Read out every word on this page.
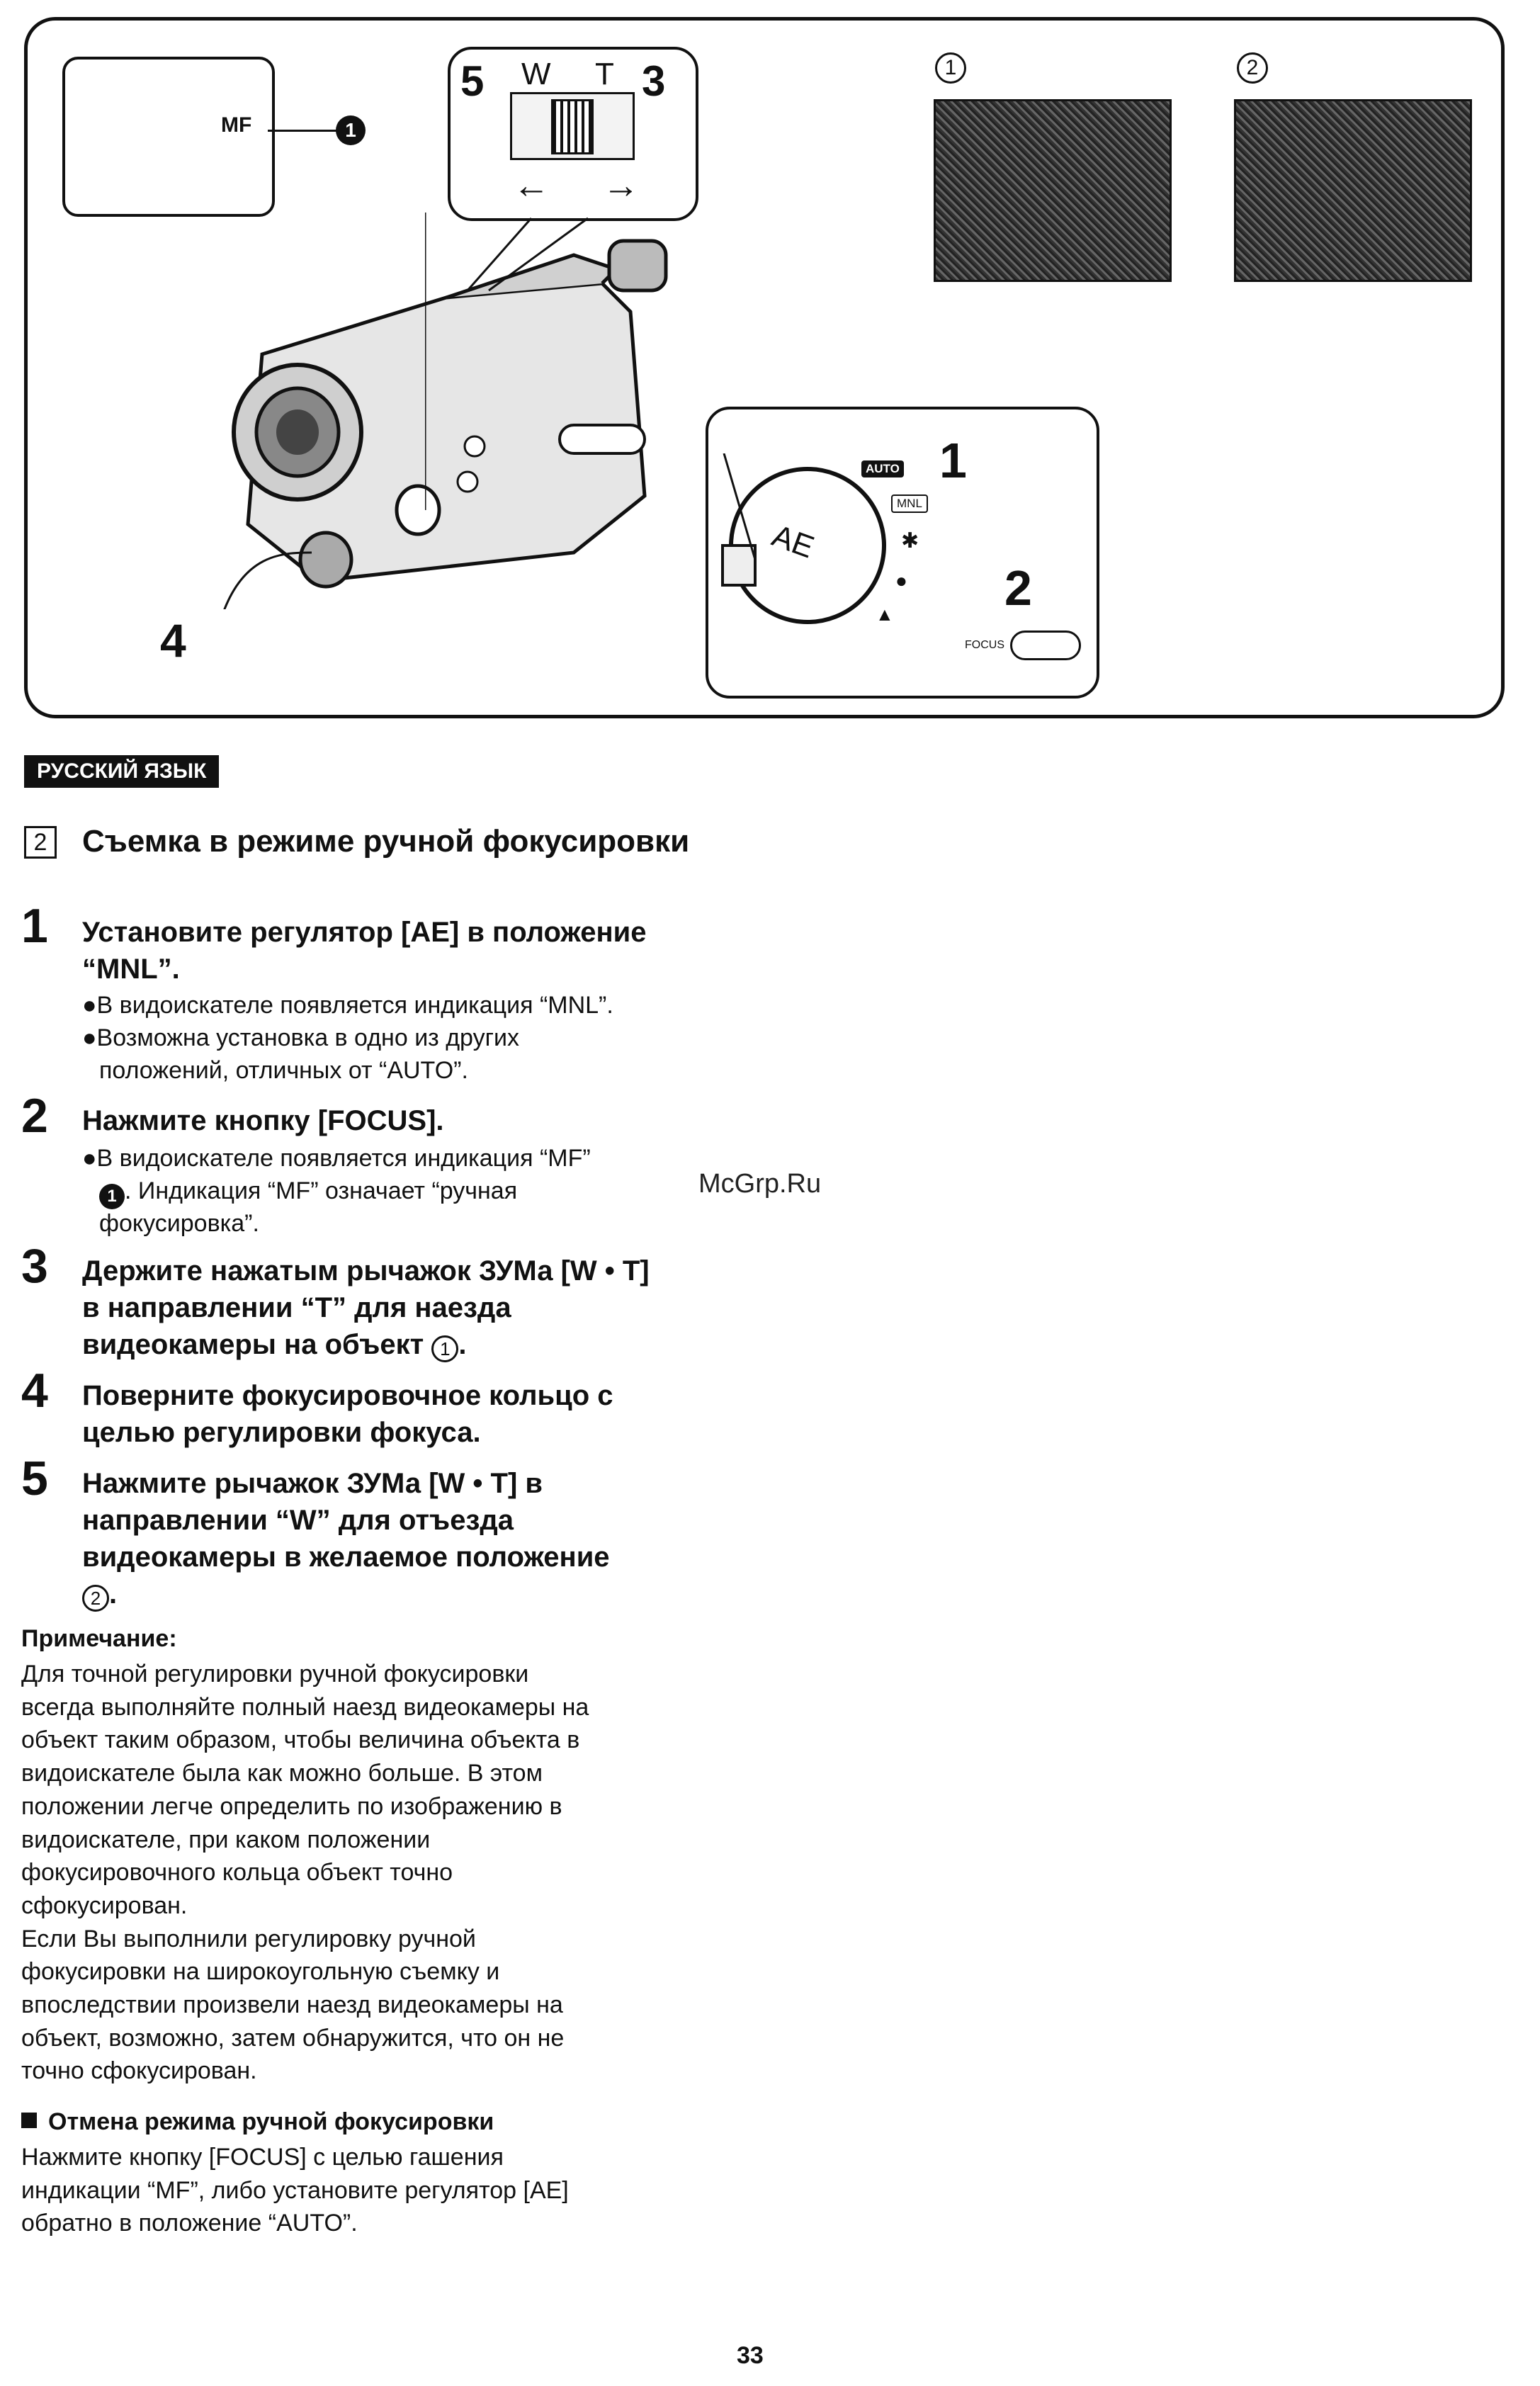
MF	1
5	3
W T
← →
1	2
AE
AUTO
MNL
✱
●
▲
1
2
FOCUS
4
РУССКИЙ ЯЗЫК
2	Съемка в режиме ручной фокусировки
1 Установите регулятор [AE] в положение “MNL”.
●В видоискателе появляется индикация “MNL”.
●Возможна установка в одно из других
положений, отличных от “AUTO”.
2 Нажмите кнопку [FOCUS].
●В видоискателе появляется индикация “MF”
1 . Индикация “MF” означает “ручная
фокусировка”.
3 Держите нажатым рычажок ЗУМа [W • T]
в направлении “T” для наезда
видеокамеры на объект 1 .
4 Поверните фокусировочное кольцо с
целью регулировки фокуса.
5 Нажмите рычажок ЗУМа [W • T] в
направлении “W” для отъезда
видеокамеры в желаемое положение
2 .
McGrp.Ru
Примечание:
Для точной регулировки ручной фокусировки
всегда выполняйте полный наезд видеокамеры на
объект таким образом, чтобы величина объекта в
видоискателе была как можно больше. В этом
положении легче определить по изображению в
видоискателе, при каком положении
фокусировочного кольца объект точно
сфокусирован.
Если Вы выполнили регулировку ручной
фокусировки на широкоугольную съемку и
впоследствии произвели наезд видеокамеры на
объект, возможно, затем обнаружится, что он не
точно сфокусирован.
Отмена режима ручной фокусировки
Нажмите кнопку [FOCUS] с целью гашения
индикации “MF”, либо установите регулятор [AE]
обратно в положение “AUTO”.
33
